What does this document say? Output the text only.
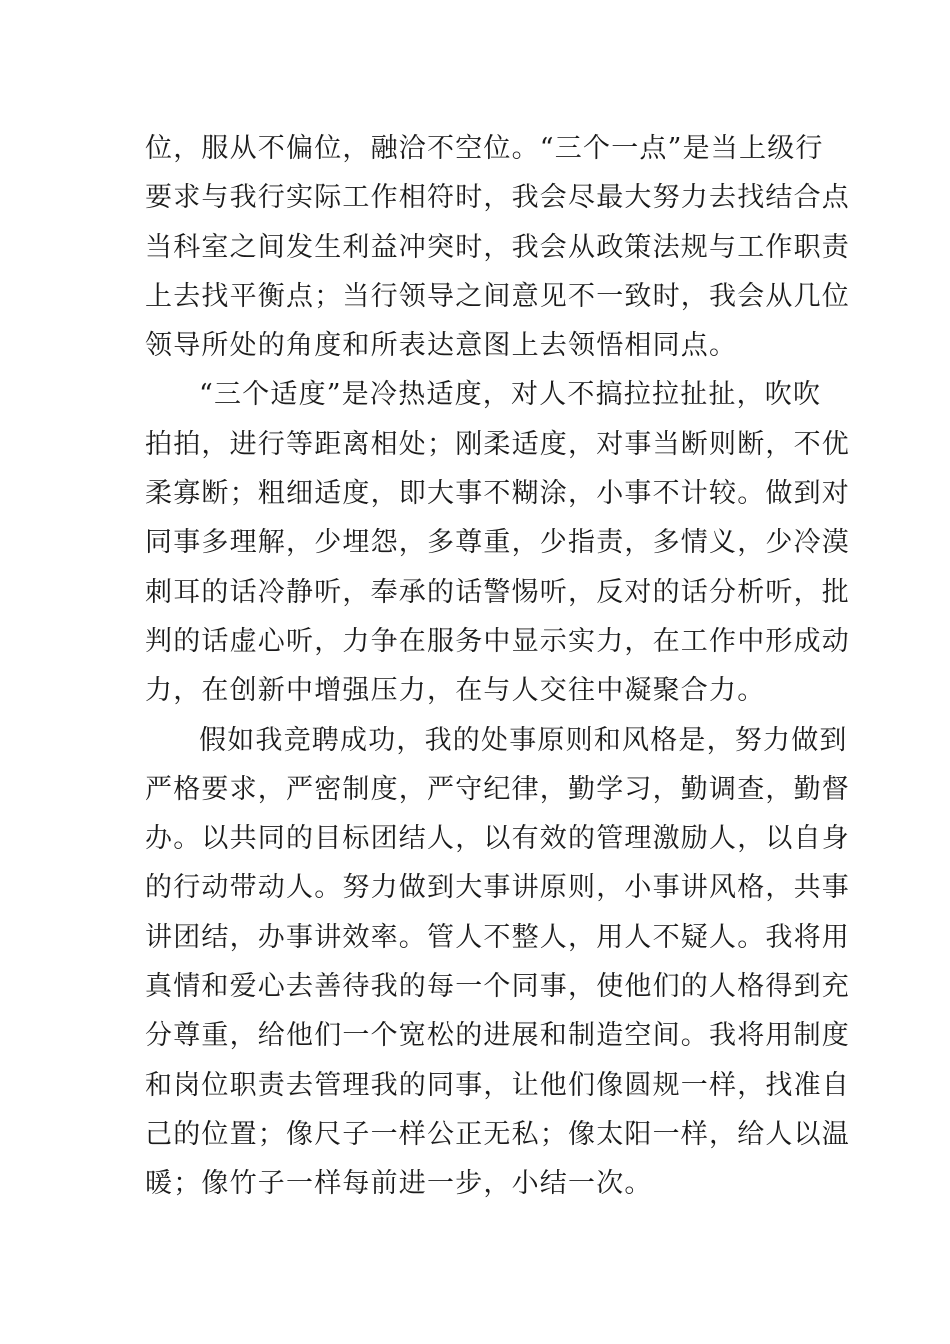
位，服从不偏位，融洽不空位。“三个一点”是当上级行
要求与我行实际工作相符时，我会尽最大努力去找结合点
当科室之间发生利益冲突时，我会从政策法规与工作职责
上去找平衡点；当行领导之间意见不一致时，我会从几位
领导所处的角度和所表达意图上去领悟相同点。
“三个适度”是冷热适度，对人不搞拉拉扯扯，吹吹
拍拍，进行等距离相处；刚柔适度，对事当断则断，不优
柔寡断；粗细适度，即大事不糊涂，小事不计较。做到对
同事多理解，少埋怨，多尊重，少指责，多情义，少冷漠
刺耳的话冷静听，奉承的话警惕听，反对的话分析听，批
判的话虚心听，力争在服务中显示实力，在工作中形成动
力，在创新中增强压力，在与人交往中凝聚合力。
假如我竞聘成功，我的处事原则和风格是，努力做到
严格要求，严密制度，严守纪律，勤学习，勤调查，勤督
办。以共同的目标团结人，以有效的管理激励人，以自身
的行动带动人。努力做到大事讲原则，小事讲风格，共事
讲团结，办事讲效率。管人不整人，用人不疑人。我将用
真情和爱心去善待我的每一个同事，使他们的人格得到充
分尊重，给他们一个宽松的进展和制造空间。我将用制度
和岗位职责去管理我的同事，让他们像圆规一样，找准自
己的位置；像尺子一样公正无私；像太阳一样，给人以温
暖；像竹子一样每前进一步，小结一次。
